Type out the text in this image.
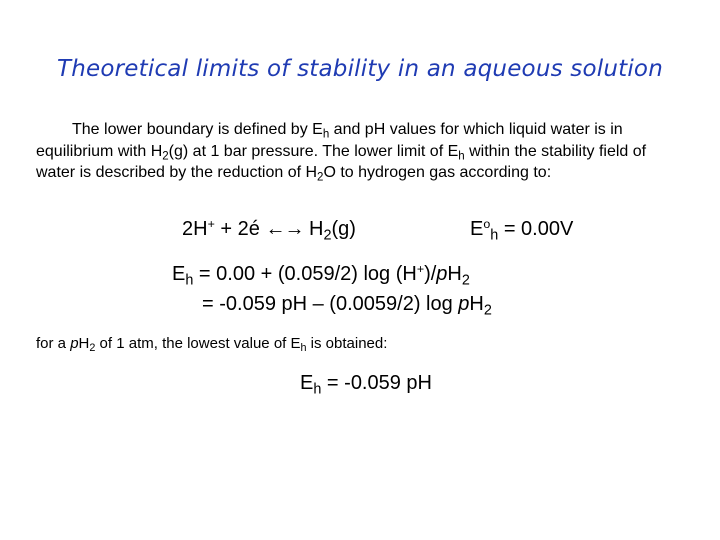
Theoretical limits of stability in an aqueous solution
The lower boundary is defined by $E_h$ and pH values for which liquid water is in equilibrium with $H_2(g)$ at 1 bar pressure. The lower limit of $E_h$ within the stability field of water is described by the reduction of $H_2O$ to hydrogen gas according to:
2H+ + 2é ←→ $H_2(g)$	$E^o_h = 0.00V$
$E_h = 0.00 + (0.059/2)$ $\log (H^+)/pH_2$
= -0.059 pH – (0.0059/2) $\log pH_2$
for a $pH_2$ of 1 atm, the lowest value of $E_h$ is obtained:
$E_h = -0.059$ pH
